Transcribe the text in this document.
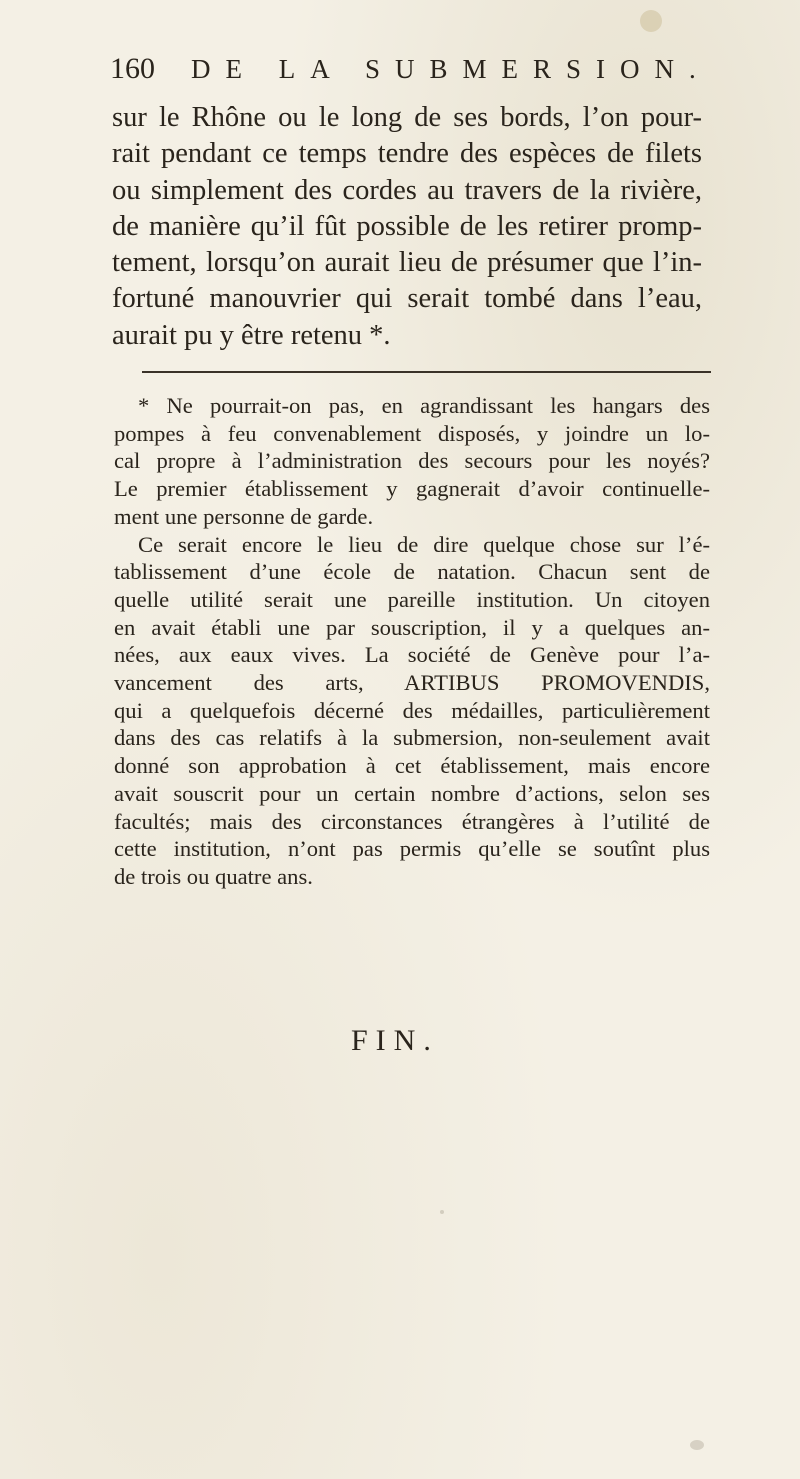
160 DE LA SUBMERSION.
sur le Rhône ou le long de ses bords, l’on pour-
rait pendant ce temps tendre des espèces de filets
ou simplement des cordes au travers de la rivière,
de manière qu’il fût possible de les retirer promp-
tement, lorsqu’on aurait lieu de présumer que l’in-
fortuné manouvrier qui serait tombé dans l’eau,
aurait pu y être retenu *.
* Ne pourrait-on pas, en agrandissant les hangars des
pompes à feu convenablement disposés, y joindre un lo-
cal propre à l’administration des secours pour les noyés?
Le premier établissement y gagnerait d’avoir continuelle-
ment une personne de garde.
Ce serait encore le lieu de dire quelque chose sur l’é-
tablissement d’une école de natation. Chacun sent de
quelle utilité serait une pareille institution. Un citoyen
en avait établi une par souscription, il y a quelques an-
nées, aux eaux vives. La société de Genève pour l’a-
vancement des arts, ARTIBUS PROMOVENDIS,
qui a quelquefois décerné des médailles, particulièrement
dans des cas relatifs à la submersion, non-seulement avait
donné son approbation à cet établissement, mais encore
avait souscrit pour un certain nombre d’actions, selon ses
facultés; mais des circonstances étrangères à l’utilité de
cette institution, n’ont pas permis qu’elle se soutînt plus
de trois ou quatre ans.
FIN.
